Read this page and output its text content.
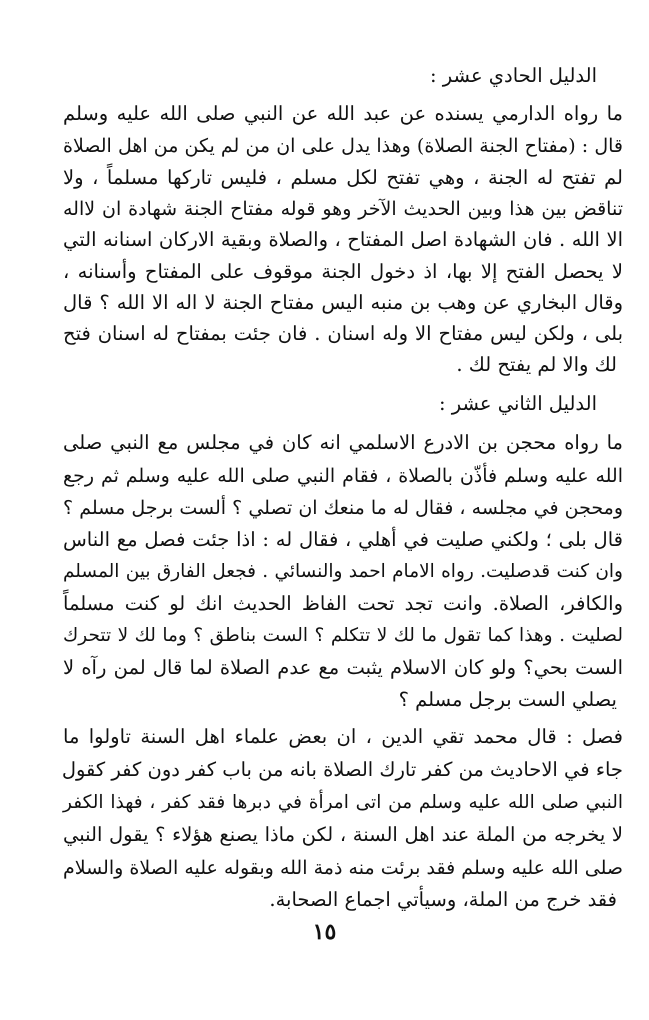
الدليل الحادي عشر :
ما رواه الدارمي يسنده عن عبد الله عن النبي صلى الله عليه وسلم
قال : (مفتاح الجنة الصلاة) وهذا يدل على ان من لم يكن من اهل الصلاة
لم تفتح له الجنة ، وهي تفتح لكل مسلم ، فليس تاركها مسلماً ، ولا
تناقض بين هذا وبين الحديث الآخر وهو قوله مفتاح الجنة شهادة ان لااله
الا الله . فان الشهادة اصل المفتاح ، والصلاة وبقية الاركان اسنانه التي
لا يحصل الفتح إلا بها، اذ دخول الجنة موقوف على المفتاح وأسنانه ،
وقال البخاري عن وهب بن منبه اليس مفتاح الجنة لا اله الا الله ؟ قال
بلى ، ولكن ليس مفتاح الا وله اسنان . فان جئت بمفتاح له اسنان فتح
لك والا لم يفتح لك .
الدليل الثاني عشر :
ما رواه محجن بن الادرع الاسلمي انه كان في مجلس مع النبي صلى
الله عليه وسلم فأذّن بالصلاة ، فقام النبي صلى الله عليه وسلم ثم رجع
ومحجن في مجلسه ، فقال له ما منعك ان تصلي ؟ ألست برجل مسلم ؟
قال بلى ؛ ولكني صليت في أهلي ، فقال له : اذا جئت فصل مع الناس
وان كنت قدصليت. رواه الامام احمد والنسائي . فجعل الفارق بين المسلم
والكافر، الصلاة. وانت تجد تحت الفاظ الحديث انك لو كنت مسلماً
لصليت . وهذا كما تقول ما لك لا تتكلم ؟ الست بناطق ؟ وما لك لا تتحرك
الست بحي؟ ولو كان الاسلام يثبت مع عدم الصلاة لما قال لمن رآه لا
يصلي الست برجل مسلم ؟
فصل : قال محمد تقي الدين ، ان بعض علماء اهل السنة تاولوا ما
جاء في الاحاديث من كفر تارك الصلاة بانه من باب كفر دون كفر كقول
النبي صلى الله عليه وسلم من اتى امرأة في دبرها فقد كفر ، فهذا الكفر
لا يخرجه من الملة عند اهل السنة ، لكن ماذا يصنع هؤلاء ؟ يقول النبي
صلى الله عليه وسلم فقد برئت منه ذمة الله وبقوله عليه الصلاة والسلام
فقد خرج من الملة، وسيأتي اجماع الصحابة.
١٥
